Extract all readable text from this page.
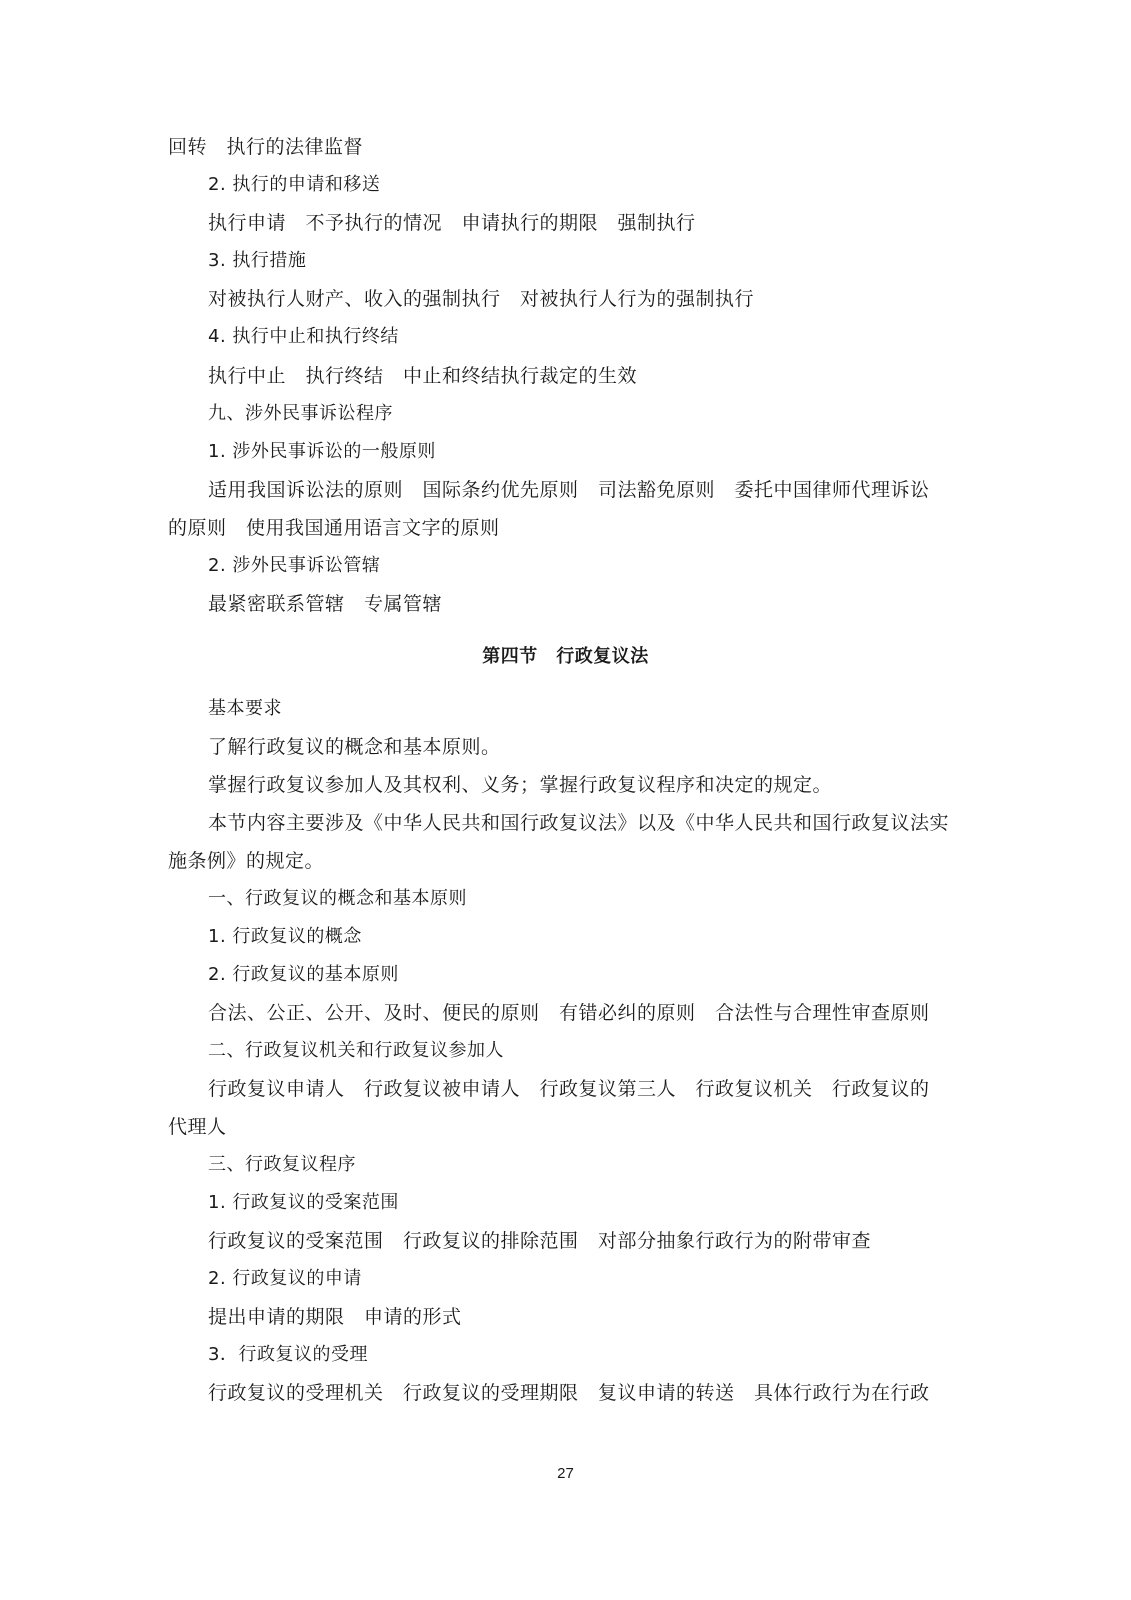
回转　执行的法律监督
2. 执行的申请和移送
执行申请　不予执行的情况　申请执行的期限　强制执行
3. 执行措施
对被执行人财产、收入的强制执行　对被执行人行为的强制执行
4. 执行中止和执行终结
执行中止　执行终结　中止和终结执行裁定的生效
九、涉外民事诉讼程序
1. 涉外民事诉讼的一般原则
适用我国诉讼法的原则　国际条约优先原则　司法豁免原则　委托中国律师代理诉讼
的原则　使用我国通用语言文字的原则
2. 涉外民事诉讼管辖
最紧密联系管辖　专属管辖
第四节　行政复议法
基本要求
了解行政复议的概念和基本原则。
掌握行政复议参加人及其权利、义务；掌握行政复议程序和决定的规定。
本节内容主要涉及《中华人民共和国行政复议法》以及《中华人民共和国行政复议法实
施条例》的规定。
一、行政复议的概念和基本原则
1. 行政复议的概念
2. 行政复议的基本原则
合法、公正、公开、及时、便民的原则　有错必纠的原则　合法性与合理性审查原则
二、行政复议机关和行政复议参加人
行政复议申请人　行政复议被申请人　行政复议第三人　行政复议机关　行政复议的
代理人
三、行政复议程序
1. 行政复议的受案范围
行政复议的受案范围　行政复议的排除范围　对部分抽象行政行为的附带审查
2. 行政复议的申请
提出申请的期限　申请的形式
3．行政复议的受理
行政复议的受理机关　行政复议的受理期限　复议申请的转送　具体行政行为在行政
27
